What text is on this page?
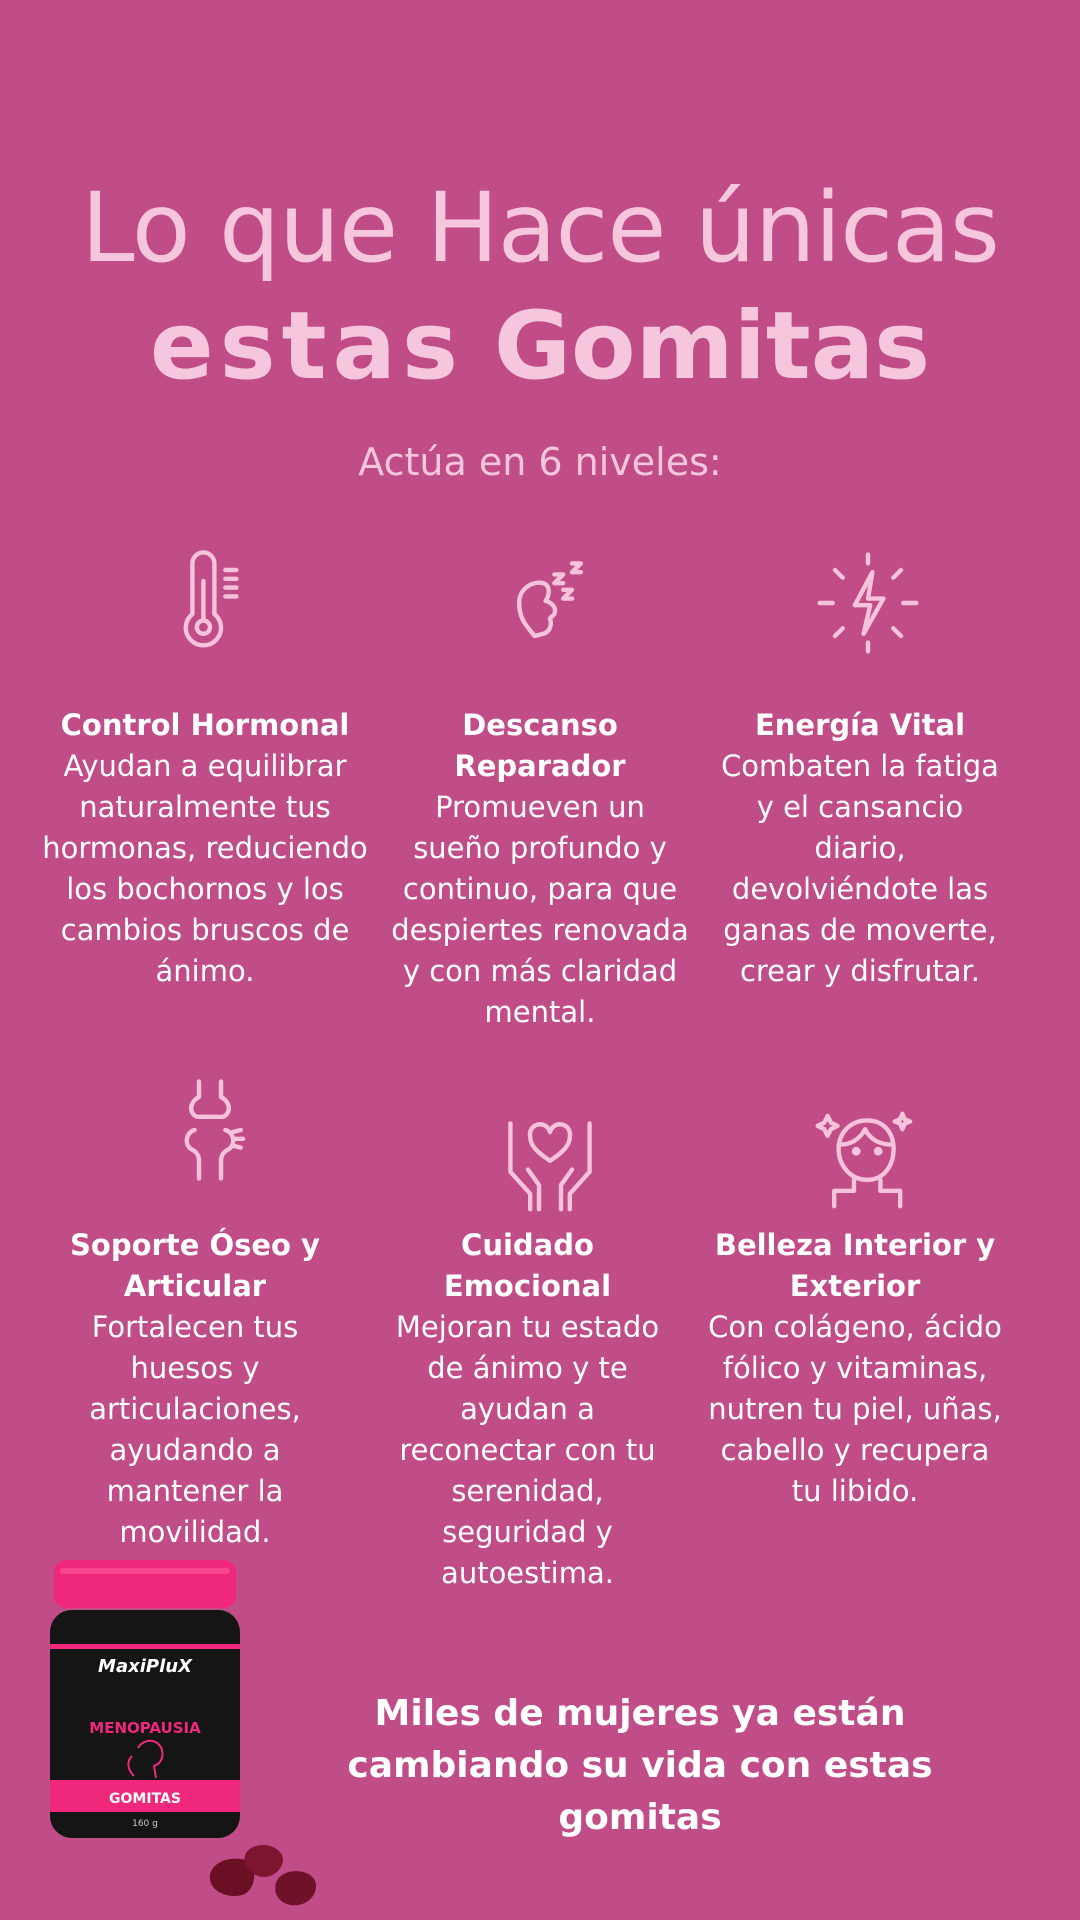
Lo que Hace únicas
estas Gomitas
Actúa en 6 niveles:
Control Hormonal
Ayudan a equilibrar naturalmente tus hormonas, reduciendo los bochornos y los cambios bruscos de ánimo.
Descanso Reparador
Promueven un sueño profundo y continuo, para que despiertes renovada y con más claridad mental.
Energía Vital
Combaten la fatiga y el cansancio diario, devolviéndote las ganas de moverte, crear y disfrutar.
Soporte Óseo y Articular
Fortalecen tus huesos y articulaciones, ayudando a mantener la movilidad.
Cuidado Emocional
Mejoran tu estado de ánimo y te ayudan a reconectar con tu serenidad, seguridad y autoestima.
Belleza Interior y Exterior
Con colágeno, ácido fólico y vitaminas, nutren tu piel, uñas, cabello y recupera tu libido.
MaxiPluX
MENOPAUSIA
GOMITAS
160 g
Miles de mujeres ya están cambiando su vida con estas gomitas
